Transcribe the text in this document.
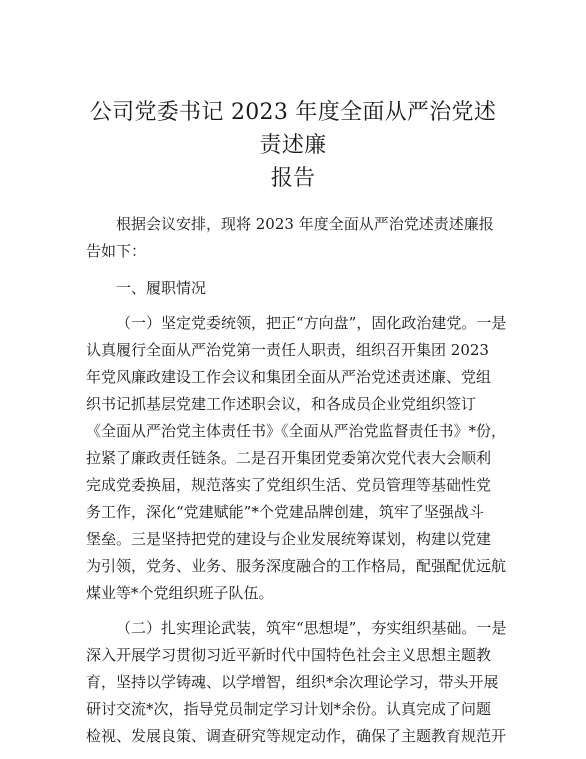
公司党委书记 2023 年度全面从严治党述责述廉
报告

根据会议安排，现将 2023 年度全面从严治党述责述廉报
告如下：

一、履职情况

（一）坚定党委统领，把正“方向盘”，固化政治建党。一是
认真履行全面从严治党第一责任人职责，组织召开集团 2023
年党风廉政建设工作会议和集团全面从严治党述责述廉、党组
织书记抓基层党建工作述职会议，和各成员企业党组织签订
《全面从严治党主体责任书》《全面从严治党监督责任书》*份，
拉紧了廉政责任链条。二是召开集团党委第次党代表大会顺利
完成党委换届，规范落实了党组织生活、党员管理等基础性党
务工作，深化“党建赋能”*个党建品牌创建，筑牢了坚强战斗
堡垒。三是坚持把党的建设与企业发展统筹谋划，构建以党建
为引领，党务、业务、服务深度融合的工作格局，配强配优远航
煤业等*个党组织班子队伍。

（二）扎实理论武装，筑牢“思想堤”，夯实组织基础。一是
深入开展学习贯彻习近平新时代中国特色社会主义思想主题教
育，坚持以学铸魂、以学增智，组织*余次理论学习，带头开展
研讨交流*次，指导党员制定学习计划*余份。认真完成了问题
检视、发展良策、调查研究等规定动作，确保了主题教育规范开
